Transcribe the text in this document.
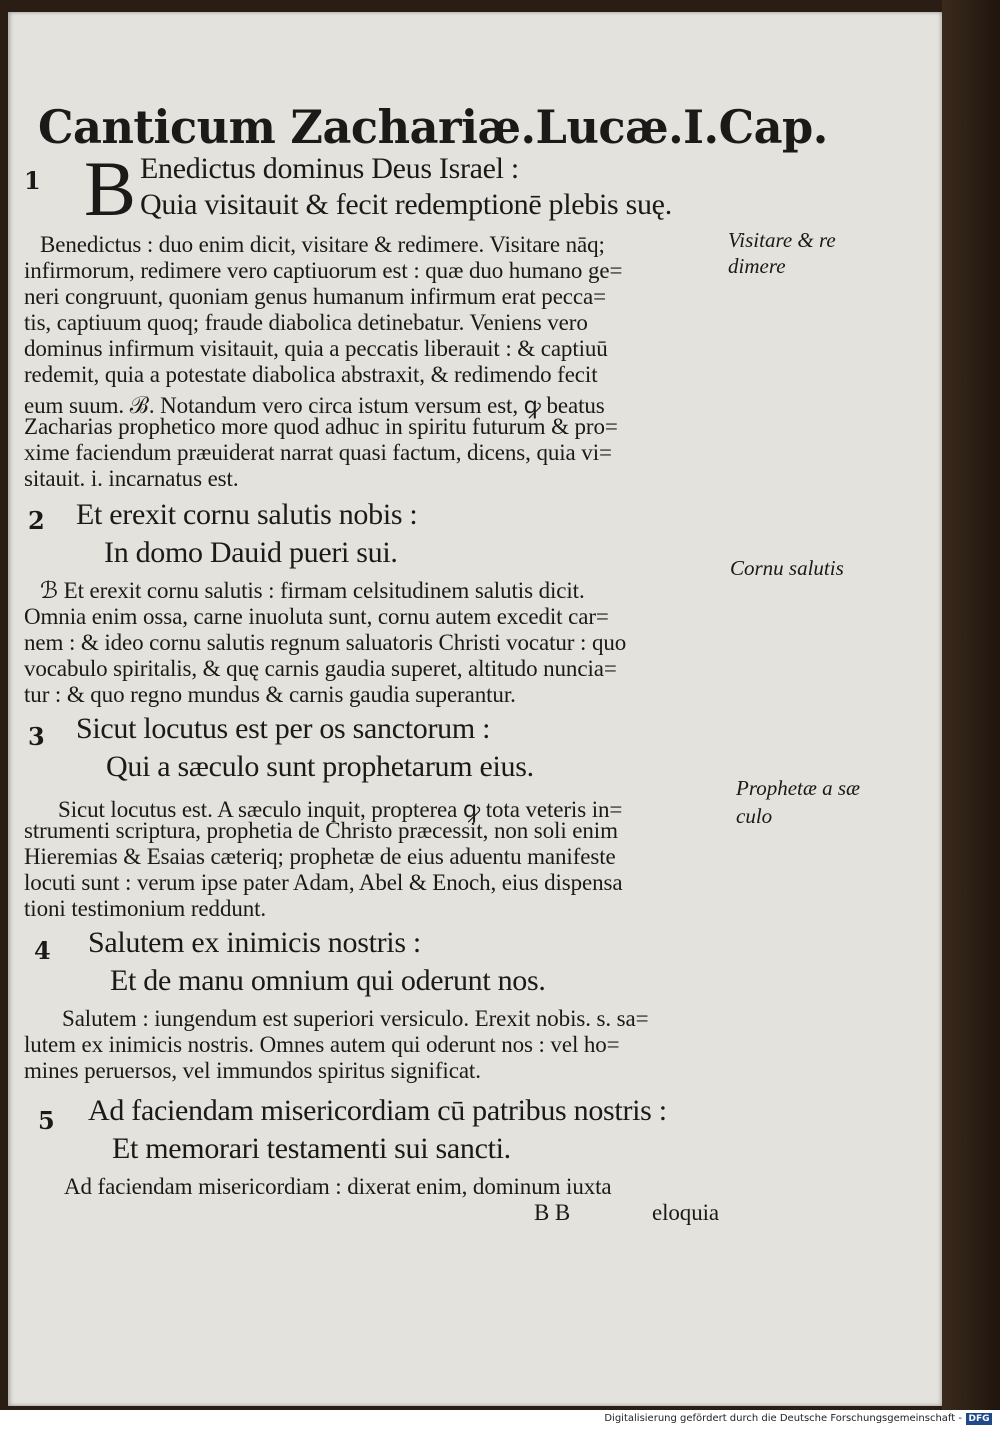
Canticum Zachariæ.Lucæ.I.Cap.
1 B Enedictus dominus Deus Israel :
Quia visitauit & fecit redemptionē plebis suę.
Benedictus : duo enim dicit, visitare & redimere. Visitare nāq;
infirmorum, redimere vero captiuorum est : quæ duo humano ge=
neri congruunt, quoniam genus humanum infirmum erat pecca=
tis, captiuum quoq; fraude diabolica detinebatur. Veniens vero
dominus infirmum visitauit, quia a peccatis liberauit : & captiuū
redemit, quia a potestate diabolica abstraxit, & redimendo fecit
eum suum. ℬ. Notandum vero circa istum versum est, ꝙ beatus
Zacharias prophetico more quod adhuc in spiritu futurum & pro=
xime faciendum præuiderat narrat quasi factum, dicens, quia vi=
sitauit. i. incarnatus est.
Visitare & re
dimere
2 Et erexit cornu salutis nobis :
In domo Dauid pueri sui.
ℬ Et erexit cornu salutis : firmam celsitudinem salutis dicit.
Omnia enim ossa, carne inuoluta sunt, cornu autem excedit car=
nem : & ideo cornu salutis regnum saluatoris Christi vocatur : quo
vocabulo spiritalis, & quę carnis gaudia superet, altitudo nuncia=
tur : & quo regno mundus & carnis gaudia superantur.
Cornu salutis
3 Sicut locutus est per os sanctorum :
Qui a sæculo sunt prophetarum eius.
Sicut locutus est. A sæculo inquit, propterea ꝙ tota veteris in=
strumenti scriptura, prophetia de Christo præcessit, non soli enim
Hieremias & Esaias cæteriq; prophetæ de eius aduentu manifeste
locuti sunt : verum ipse pater Adam, Abel & Enoch, eius dispensa
tioni testimonium reddunt.
Prophetæ a sæ
culo
4 Salutem ex inimicis nostris :
Et de manu omnium qui oderunt nos.
Salutem : iungendum est superiori versiculo. Erexit nobis. s. sa=
lutem ex inimicis nostris. Omnes autem qui oderunt nos : vel ho=
mines peruersos, vel immundos spiritus significat.
5 Ad faciendam misericordiam cū patribus nostris :
Et memorari testamenti sui sancti.
Ad faciendam misericordiam : dixerat enim, dominum iuxta
B B	eloquia
Digitalisierung gefördert durch die Deutsche Forschungsgemeinschaft - DFG
